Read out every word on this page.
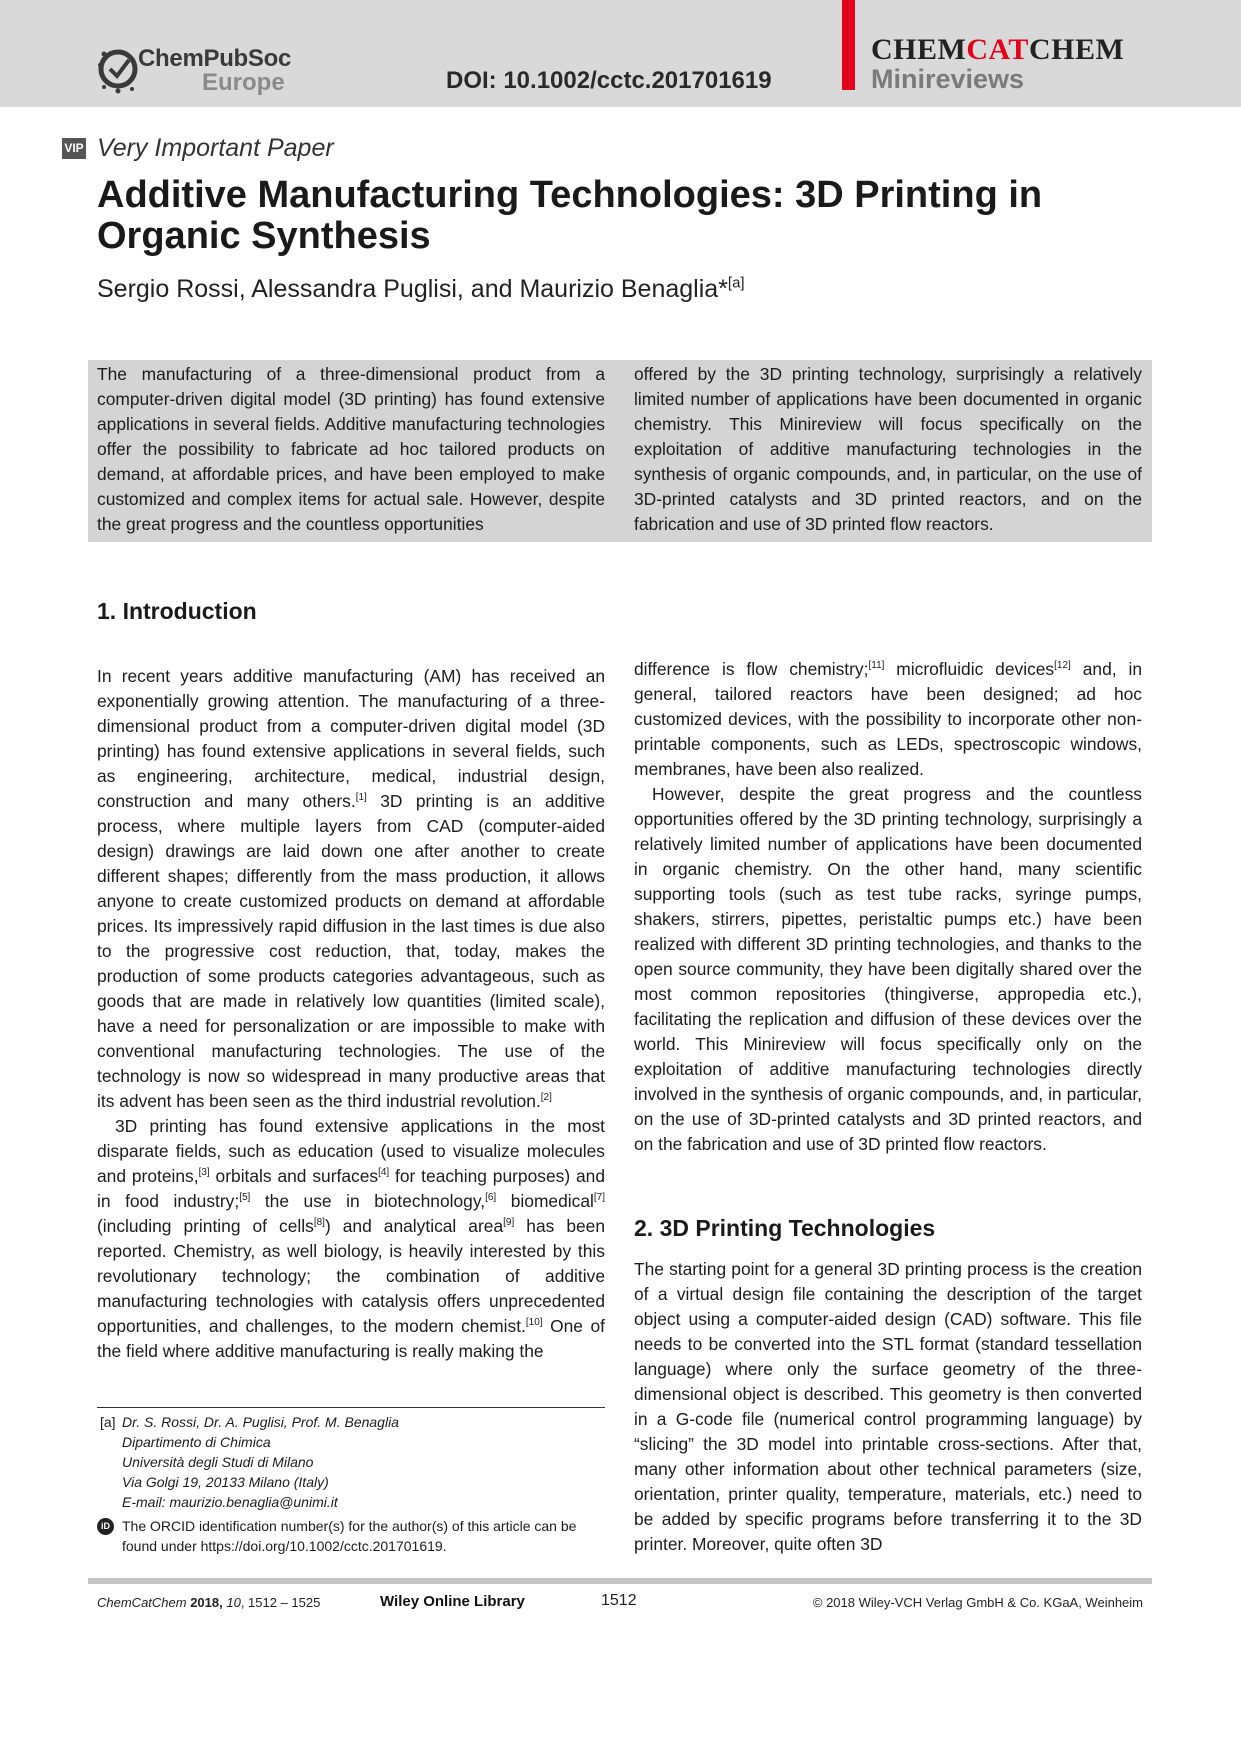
ChemPubSoc
Europe	DOI: 10.1002/cctc.201701619
CHEMCATCHEM
Minireviews
VIP Very Important Paper
Additive Manufacturing Technologies: 3D Printing in Organic Synthesis
Sergio Rossi, Alessandra Puglisi, and Maurizio Benaglia*[a]

The manufacturing of a three-dimensional product from a computer-driven digital model (3D printing) has found extensive applications in several fields. Additive manufacturing technologies offer the possibility to fabricate ad hoc tailored products on demand, at affordable prices, and have been employed to make customized and complex items for actual sale. However, despite the great progress and the countless opportunities

offered by the 3D printing technology, surprisingly a relatively limited number of applications have been documented in organic chemistry. This Minireview will focus specifically on the exploitation of additive manufacturing technologies in the synthesis of organic compounds, and, in particular, on the use of 3D-printed catalysts and 3D printed reactors, and on the fabrication and use of 3D printed flow reactors.

1. Introduction

In recent years additive manufacturing (AM) has received an exponentially growing attention. The manufacturing of a three-dimensional product from a computer-driven digital model (3D printing) has found extensive applications in several fields, such as engineering, architecture, medical, industrial design, construction and many others.[1] 3D printing is an additive process, where multiple layers from CAD (computer-aided design) drawings are laid down one after another to create different shapes; differently from the mass production, it allows anyone to create customized products on demand at affordable prices. Its impressively rapid diffusion in the last times is due also to the progressive cost reduction, that, today, makes the production of some products categories advantageous, such as goods that are made in relatively low quantities (limited scale), have a need for personalization or are impossible to make with conventional manufacturing technologies. The use of the technology is now so widespread in many productive areas that its advent has been seen as the third industrial revolution.[2]

3D printing has found extensive applications in the most disparate fields, such as education (used to visualize molecules and proteins,[3] orbitals and surfaces[4] for teaching purposes) and in food industry;[5] the use in biotechnology,[6] biomedical[7] (including printing of cells[8]) and analytical area[9] has been reported. Chemistry, as well biology, is heavily interested by this revolutionary technology; the combination of additive manufacturing technologies with catalysis offers unprecedented opportunities, and challenges, to the modern chemist.[10] One of the field where additive manufacturing is really making the

difference is flow chemistry;[11] microfluidic devices[12] and, in general, tailored reactors have been designed; ad hoc customized devices, with the possibility to incorporate other non-printable components, such as LEDs, spectroscopic windows, membranes, have been also realized.

However, despite the great progress and the countless opportunities offered by the 3D printing technology, surprisingly a relatively limited number of applications have been documented in organic chemistry. On the other hand, many scientific supporting tools (such as test tube racks, syringe pumps, shakers, stirrers, pipettes, peristaltic pumps etc.) have been realized with different 3D printing technologies, and thanks to the open source community, they have been digitally shared over the most common repositories (thingiverse, appropedia etc.), facilitating the replication and diffusion of these devices over the world. This Minireview will focus specifically only on the exploitation of additive manufacturing technologies directly involved in the synthesis of organic compounds, and, in particular, on the use of 3D-printed catalysts and 3D printed reactors, and on the fabrication and use of 3D printed flow reactors.

2. 3D Printing Technologies

The starting point for a general 3D printing process is the creation of a virtual design file containing the description of the target object using a computer-aided design (CAD) software. This file needs to be converted into the STL format (standard tessellation language) where only the surface geometry of the three-dimensional object is described. This geometry is then converted in a G-code file (numerical control programming language) by “slicing” the 3D model into printable cross-sections. After that, many other information about other technical parameters (size, orientation, printer quality, temperature, materials, etc.) need to be added by specific programs before transferring it to the 3D printer. Moreover, quite often 3D

[a] Dr. S. Rossi, Dr. A. Puglisi, Prof. M. Benaglia
Dipartimento di Chimica
Università degli Studi di Milano
Via Golgi 19, 20133 Milano (Italy)
E-mail: maurizio.benaglia@unimi.it
iD The ORCID identification number(s) for the author(s) of this article can be found under https://doi.org/10.1002/cctc.201701619.
ChemCatChem 2018, 10, 1512 – 1525	Wiley Online Library	1512	© 2018 Wiley-VCH Verlag GmbH & Co. KGaA, Weinheim
